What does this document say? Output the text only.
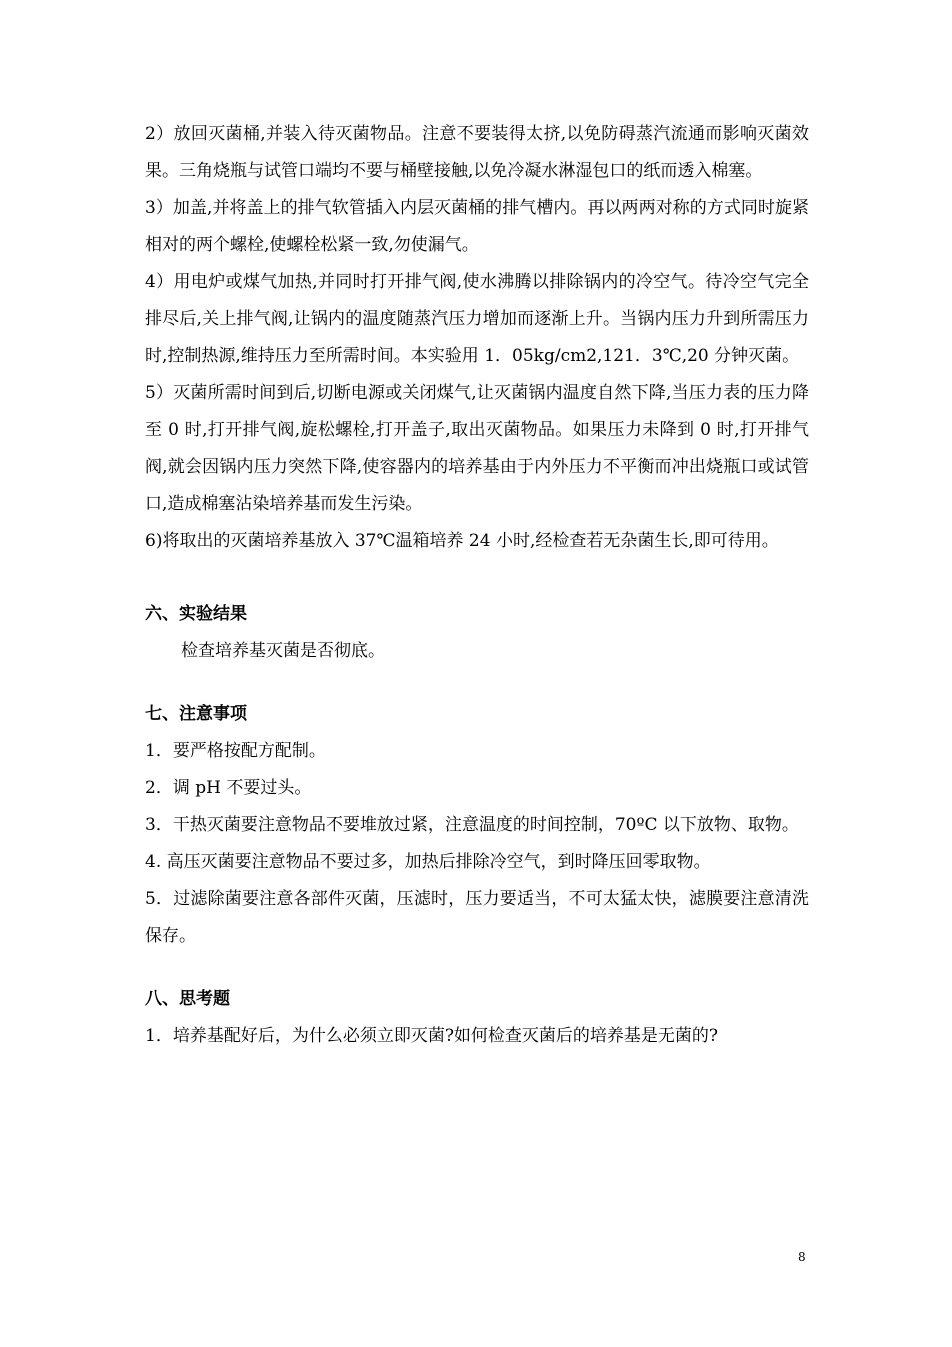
2）放回灭菌桶,并装入待灭菌物品。注意不要装得太挤,以免防碍蒸汽流通而影响灭菌效果。三角烧瓶与试管口端均不要与桶壁接触,以免冷凝水淋湿包口的纸而透入棉塞。

3）加盖,并将盖上的排气软管插入内层灭菌桶的排气槽内。再以两两对称的方式同时旋紧相对的两个螺栓,使螺栓松紧一致,勿使漏气。

4）用电炉或煤气加热,并同时打开排气阀,使水沸腾以排除锅内的冷空气。待冷空气完全排尽后,关上排气阀,让锅内的温度随蒸汽压力增加而逐渐上升。当锅内压力升到所需压力时,控制热源,维持压力至所需时间。本实验用 1．05kg/cm2,121．3℃,20 分钟灭菌。

5）灭菌所需时间到后,切断电源或关闭煤气,让灭菌锅内温度自然下降,当压力表的压力降至 0 时,打开排气阀,旋松螺栓,打开盖子,取出灭菌物品。如果压力未降到 0 时,打开排气阀,就会因锅内压力突然下降,使容器内的培养基由于内外压力不平衡而冲出烧瓶口或试管口,造成棉塞沾染培养基而发生污染。

6)将取出的灭菌培养基放入 37℃温箱培养 24 小时,经检查若无杂菌生长,即可待用。

六、实验结果

检查培养基灭菌是否彻底。

七、注意事项

1．要严格按配方配制。

2．调 pH 不要过头。

3．干热灭菌要注意物品不要堆放过紧，注意温度的时间控制，70ºC 以下放物、取物。

4. 高压灭菌要注意物品不要过多，加热后排除冷空气，到时降压回零取物。

5．过滤除菌要注意各部件灭菌，压滤时，压力要适当，不可太猛太快，滤膜要注意清洗保存。

八、思考题

1．培养基配好后，为什么必须立即灭菌?如何检查灭菌后的培养基是无菌的?

8
